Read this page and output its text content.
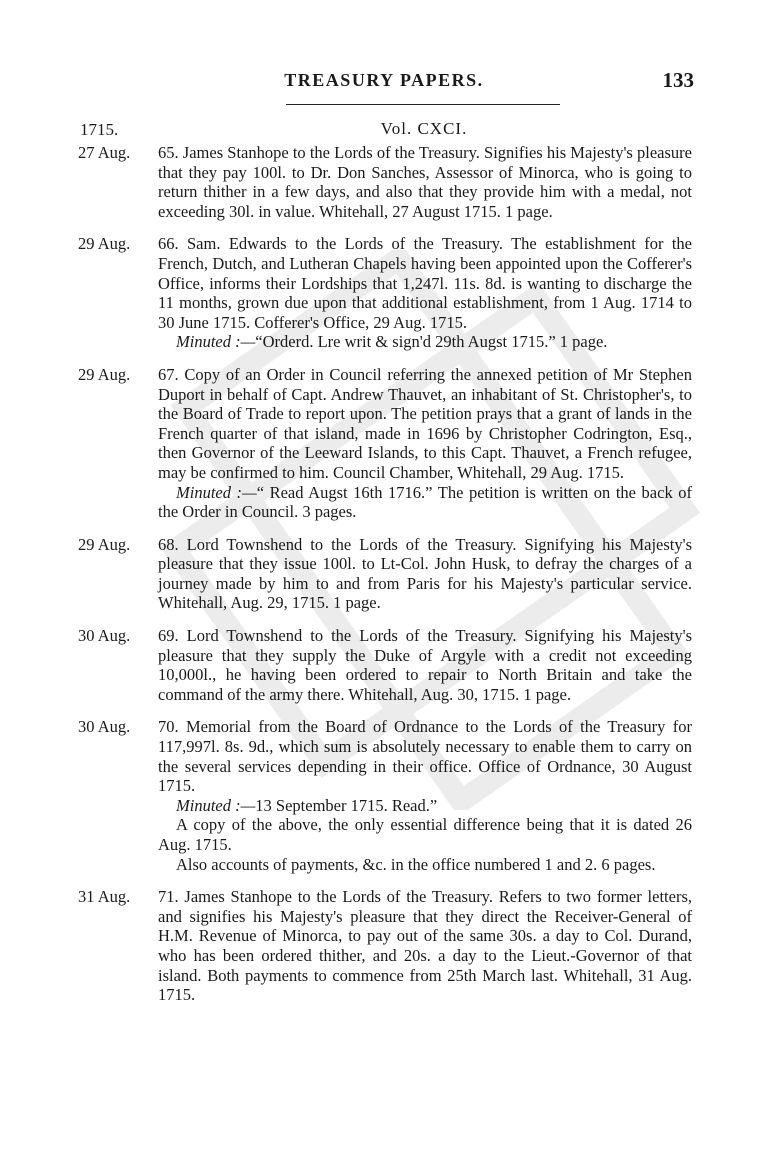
TREASURY PAPERS.	133
1715.	Vol. CXCI.
27 Aug.	65. James Stanhope to the Lords of the Treasury. Signifies his Majesty's pleasure that they pay 100l. to Dr. Don Sanches, Assessor of Minorca, who is going to return thither in a few days, and also that they provide him with a medal, not exceeding 30l. in value. Whitehall, 27 August 1715. 1 page.

29 Aug.	66. Sam. Edwards to the Lords of the Treasury. The establishment for the French, Dutch, and Lutheran Chapels having been appointed upon the Cofferer's Office, informs their Lordships that 1,247l. 11s. 8d. is wanting to discharge the 11 months, grown due upon that additional establishment, from 1 Aug. 1714 to 30 June 1715. Cofferer's Office, 29 Aug. 1715.

Minuted :—“Orderd. Lre writ & sign'd 29th Augst 1715.” 1 page.

29 Aug.	67. Copy of an Order in Council referring the annexed petition of Mr Stephen Duport in behalf of Capt. Andrew Thauvet, an inhabitant of St. Christopher's, to the Board of Trade to report upon. The petition prays that a grant of lands in the French quarter of that island, made in 1696 by Christopher Codrington, Esq., then Governor of the Leeward Islands, to this Capt. Thauvet, a French refugee, may be confirmed to him. Council Chamber, Whitehall, 29 Aug. 1715.

Minuted :—“ Read Augst 16th 1716.” The petition is written on the back of the Order in Council. 3 pages.

29 Aug.	68. Lord Townshend to the Lords of the Treasury. Signifying his Majesty's pleasure that they issue 100l. to Lt-Col. John Husk, to defray the charges of a journey made by him to and from Paris for his Majesty's particular service. Whitehall, Aug. 29, 1715. 1 page.

30 Aug.	69. Lord Townshend to the Lords of the Treasury. Signifying his Majesty's pleasure that they supply the Duke of Argyle with a credit not exceeding 10,000l., he having been ordered to repair to North Britain and take the command of the army there. Whitehall, Aug. 30, 1715. 1 page.

30 Aug.	70. Memorial from the Board of Ordnance to the Lords of the Treasury for 117,997l. 8s. 9d., which sum is absolutely necessary to enable them to carry on the several services depending in their office. Office of Ordnance, 30 August 1715.

Minuted :—13 September 1715. Read.”

A copy of the above, the only essential difference being that it is dated 26 Aug. 1715.

Also accounts of payments, &c. in the office numbered 1 and 2. 6 pages.

31 Aug.	71. James Stanhope to the Lords of the Treasury. Refers to two former letters, and signifies his Majesty's pleasure that they direct the Receiver-General of H.M. Revenue of Minorca, to pay out of the same 30s. a day to Col. Durand, who has been ordered thither, and 20s. a day to the Lieut.-Governor of that island. Both payments to commence from 25th March last. Whitehall, 31 Aug. 1715.
